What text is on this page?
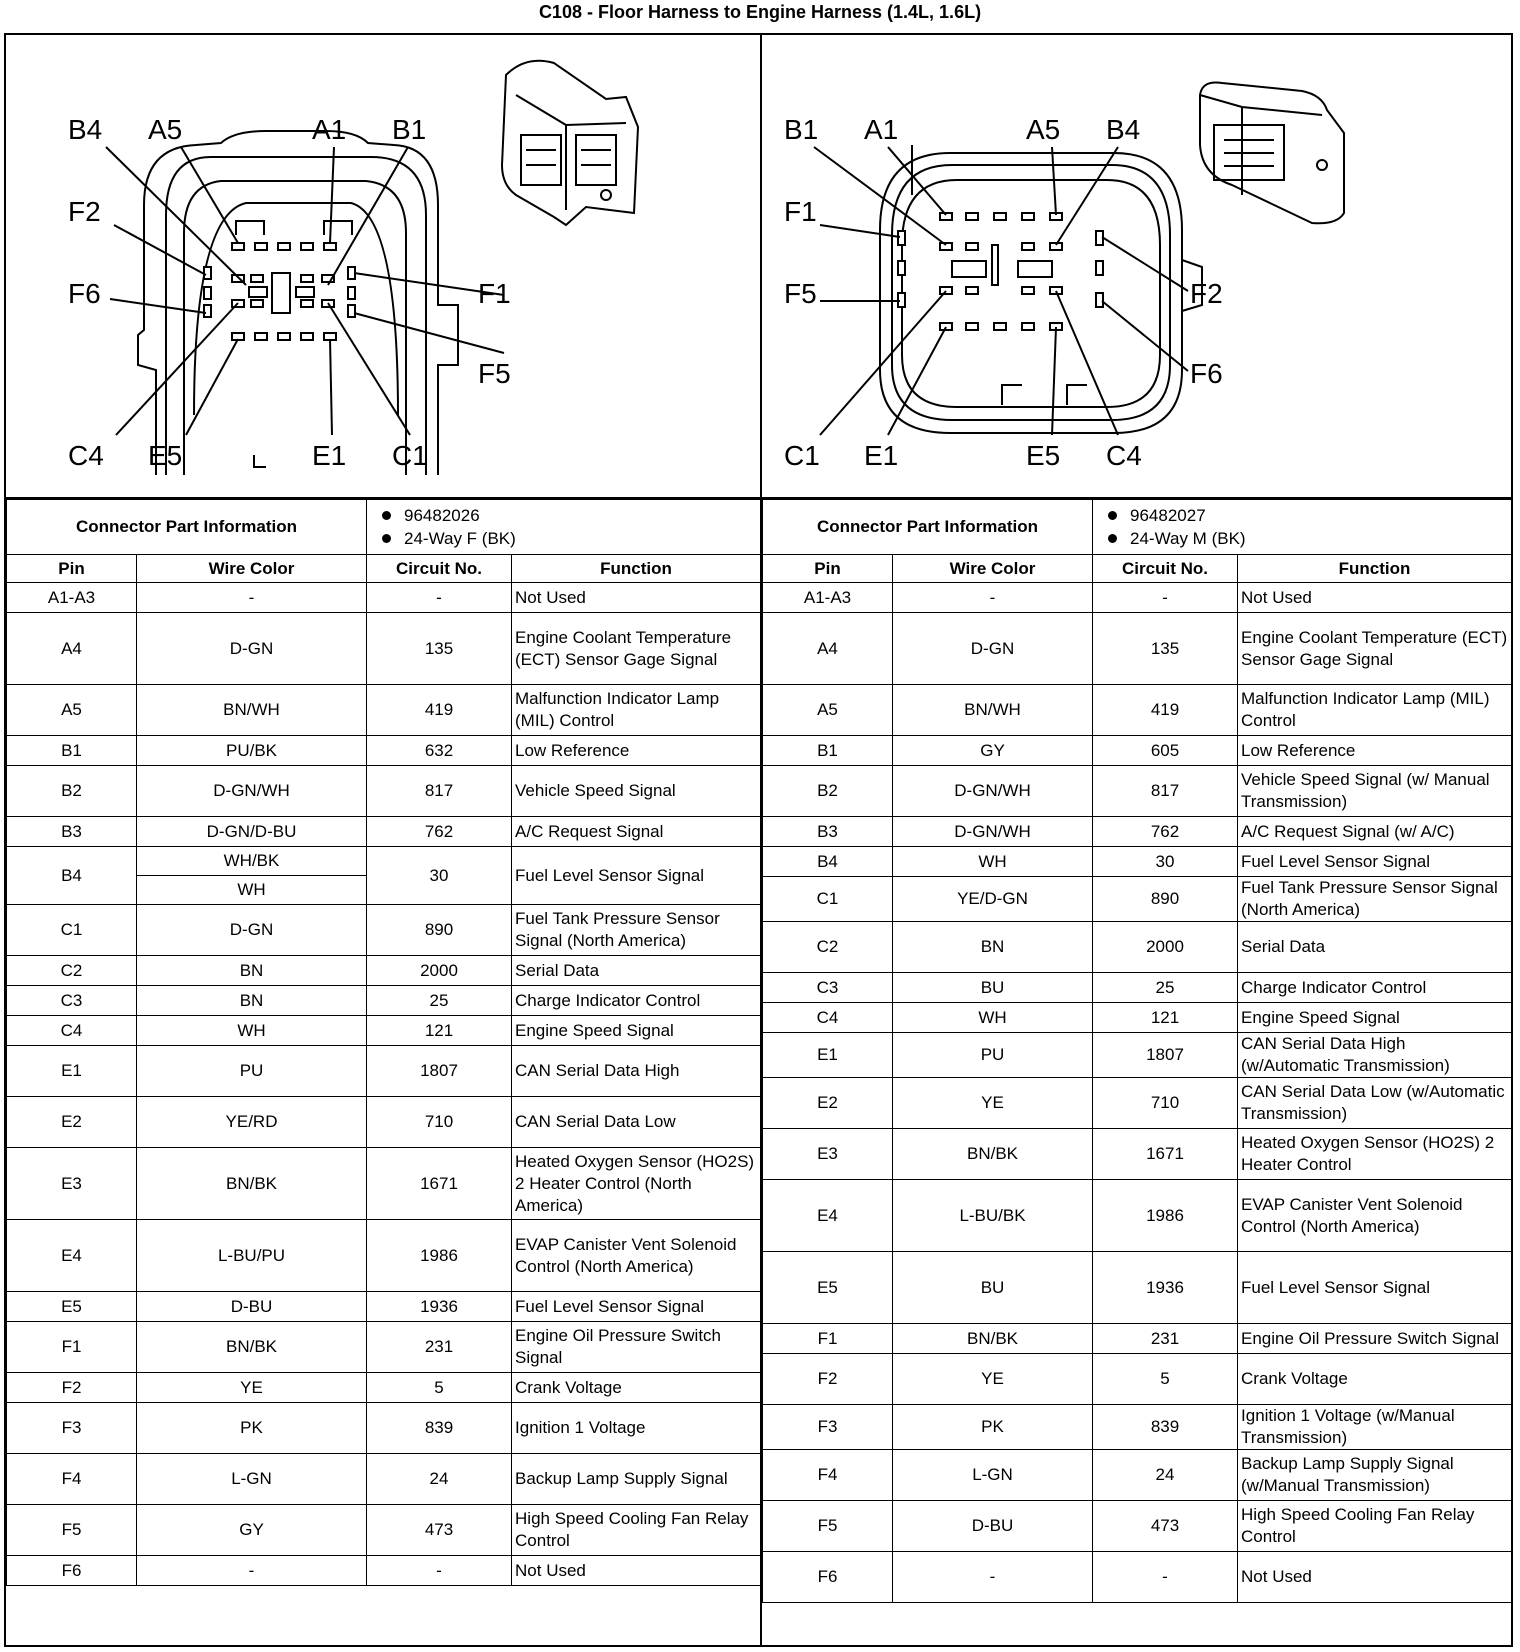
C108 - Floor Harness to Engine Harness (1.4L, 1.6L)
B4 A5	A1 B1
F2
F6	F1
F5
C4 E5	E1 C1
B1 A1	A5 B4
F1
F5	F2
F6
C1 E1	E5 C4
Connector Part Information		96482026
24-Way F (BK)	

Pin	Wire Color	Circuit No.	Function
A1-A3	-	-	Not Used
A4	D-GN	135	Engine Coolant Temperature (ECT) Sensor Gage Signal
A5	BN/WH	419	Malfunction Indicator Lamp (MIL) Control
B1	PU/BK	632	Low Reference
B2	D-GN/WH	817	Vehicle Speed Signal
B3	D-GN/D-BU	762	A/C Request Signal
B4	WH/BK	30	Fuel Level Sensor Signal
	WH		
C1	D-GN	890	Fuel Tank Pressure Sensor Signal (North America)
C2	BN	2000	Serial Data
C3	BN	25	Charge Indicator Control
C4	WH	121	Engine Speed Signal
E1	PU	1807	CAN Serial Data High
E2	YE/RD	710	CAN Serial Data Low
E3	BN/BK	1671	Heated Oxygen Sensor (HO2S) 2 Heater Control (North America)
E4	L-BU/PU	1986	EVAP Canister Vent Solenoid Control (North America)
E5	D-BU	1936	Fuel Level Sensor Signal
F1	BN/BK	231	Engine Oil Pressure Switch Signal
F2	YE	5	Crank Voltage
F3	PK	839	Ignition 1 Voltage
F4	L-GN	24	Backup Lamp Supply Signal
F5	GY	473	High Speed Cooling Fan Relay Control
F6	-	-	Not Used
Connector Part Information		96482027
24-Way M (BK)	

Pin	Wire Color	Circuit No.	Function
A1-A3	-	-	Not Used
A4	D-GN	135	Engine Coolant Temperature (ECT) Sensor Gage Signal
A5	BN/WH	419	Malfunction Indicator Lamp (MIL) Control
B1	GY	605	Low Reference
B2	D-GN/WH	817	Vehicle Speed Signal (w/ Manual Transmission)
B3	D-GN/WH	762	A/C Request Signal (w/ A/C)
B4	WH	30	Fuel Level Sensor Signal
C1	YE/D-GN	890	Fuel Tank Pressure Sensor Signal (North America)
C2	BN	2000	Serial Data
C3	BU	25	Charge Indicator Control
C4	WH	121	Engine Speed Signal
E1	PU	1807	CAN Serial Data High (w/Automatic Transmission)
E2	YE	710	CAN Serial Data Low (w/Automatic Transmission)
E3	BN/BK	1671	Heated Oxygen Sensor (HO2S) 2 Heater Control
E4	L-BU/BK	1986	EVAP Canister Vent Solenoid Control (North America)
E5	BU	1936	Fuel Level Sensor Signal
F1	BN/BK	231	Engine Oil Pressure Switch Signal
F2	YE	5	Crank Voltage
F3	PK	839	Ignition 1 Voltage (w/Manual Transmission)
F4	L-GN	24	Backup Lamp Supply Signal (w/Manual Transmission)
F5	D-BU	473	High Speed Cooling Fan Relay Control
F6	-	-	Not Used
